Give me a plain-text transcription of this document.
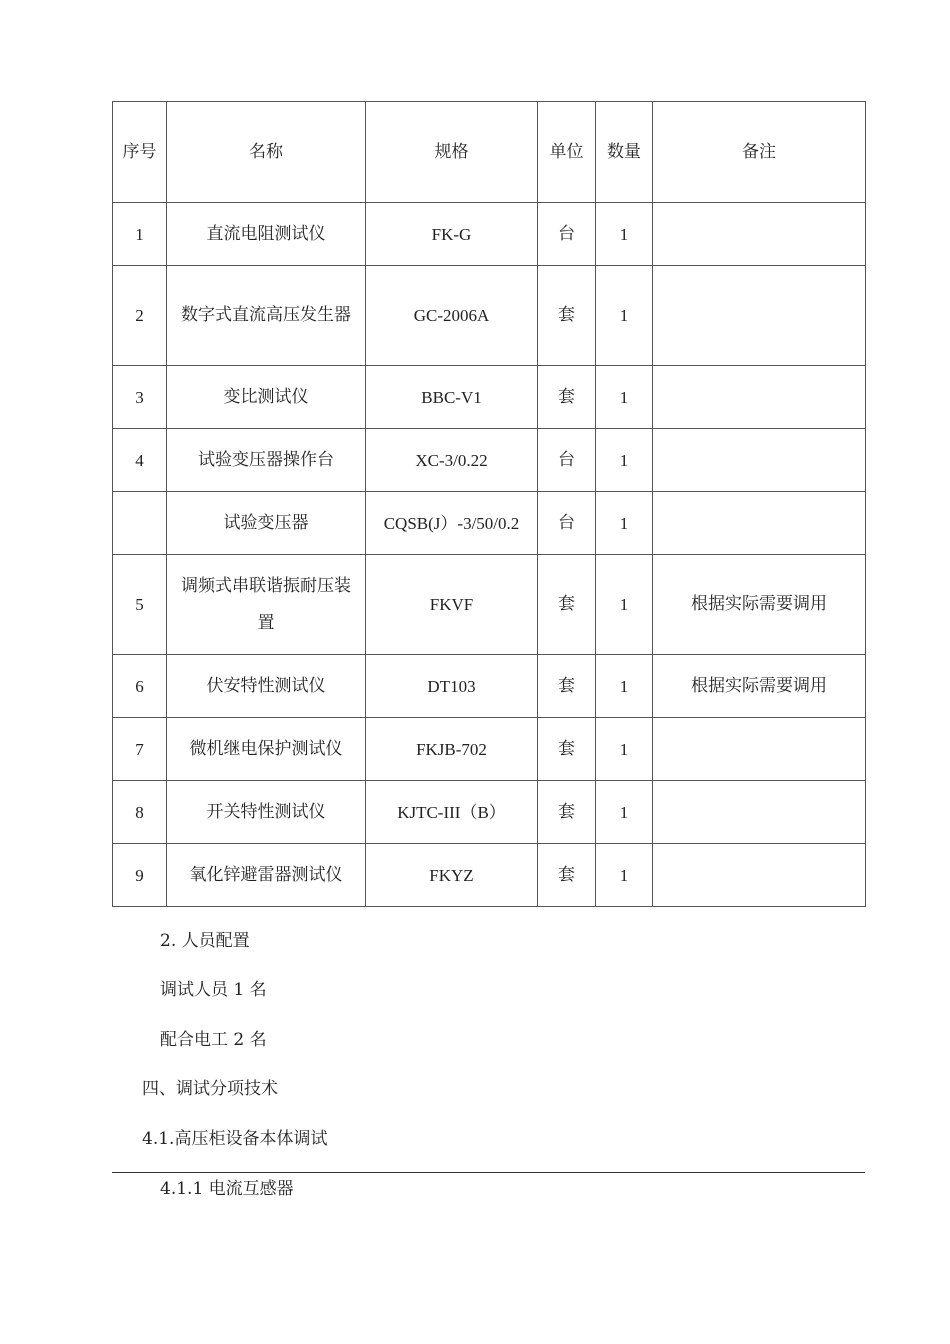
序号	名称	规格	单位	数量	备注
1	直流电阻测试仪	FK-G	台	1	
2	数字式直流高压发生器	GC-2006A	套	1	
3	变比测试仪	BBC-V1	套	1	
4	试验变压器操作台	XC-3/0.22	台	1	
	试验变压器	CQSB(J）-3/50/0.2	台	1	
5	调频式串联谐振耐压装置	FKVF	套	1	根据实际需要调用
6	伏安特性测试仪	DT103	套	1	根据实际需要调用
7	微机继电保护测试仪	FKJB-702	套	1	
8	开关特性测试仪	KJTC-III（B）	套	1	
9	氧化锌避雷器测试仪	FKYZ	套	1	
2. 人员配置
调试人员 1 名
配合电工 2 名
四、调试分项技术
4.1.高压柜设备本体调试
4.1.1 电流互感器
